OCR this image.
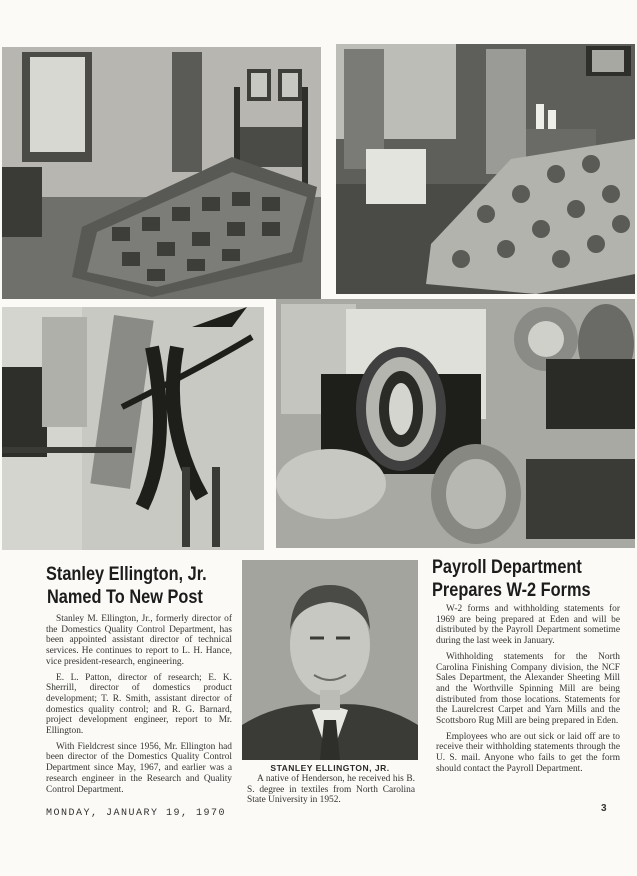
Stanley Ellington, Jr.
Named To New Post

Stanley M. Ellington, Jr., formerly director of the Domestics Quality Control Department, has been appointed assistant director of technical services. He continues to report to L. H. Hance, vice president-research, engineering.

E. L. Patton, director of research; E. K. Sherrill, director of domestics product development; T. R. Smith, assistant director of domestics quality control; and R. G. Barnard, project development engineer, report to Mr. Ellington.

With Fieldcrest since 1956, Mr. Ellington had been director of the Domestics Quality Control Department since May, 1967, and earlier was a research engineer in the Research and Quality Control Department.

STANLEY ELLINGTON, JR.

A native of Henderson, he received his B. S. degree in textiles from North Carolina State University in 1952.

Payroll Department
Prepares W-2 Forms

W-2 forms and withholding statements for 1969 are being prepared at Eden and will be distributed by the Payroll Department sometime during the last week in January.

Withholding statements for the North Carolina Finishing Company division, the NCF Sales Department, the Alexander Sheeting Mill and the Worthville Spinning Mill are being distributed from those locations. Statements for the Laurelcrest Carpet and Yarn Mills and the Scottsboro Rug Mill are being prepared in Eden.

Employees who are out sick or laid off are to receive their withholding statements through the U. S. mail. Anyone who fails to get the form should contact the Payroll Department.

MONDAY, JANUARY 19, 1970	3
